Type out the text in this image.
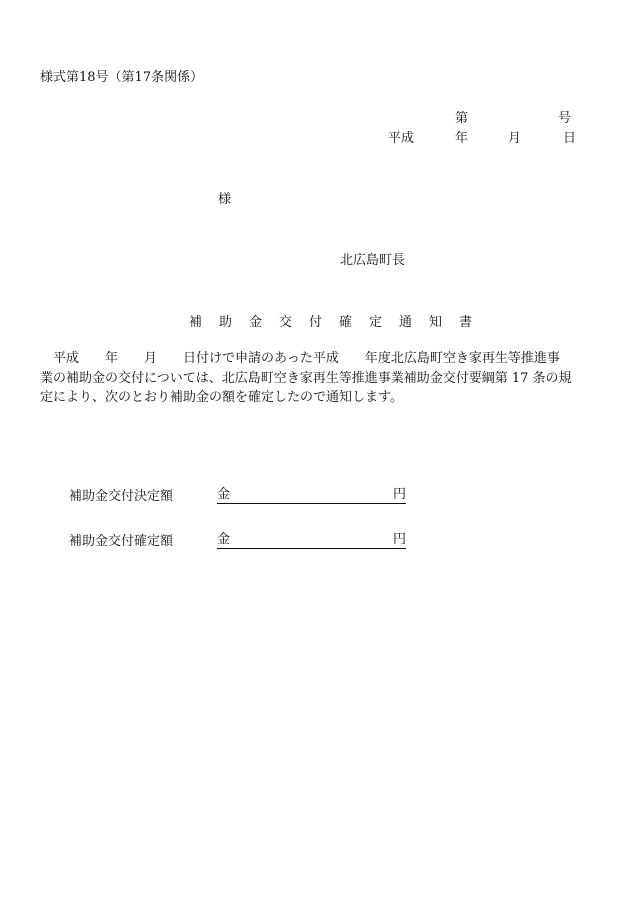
様式第18号（第17条関係）
第	号
平成	年	月	日
様
北広島町長
補助金交付確定通知書
　平成　　年　　月　　日付けで申請のあった平成　　年度北広島町空き家再生等推進事
業の補助金の交付については、北広島町空き家再生等推進事業補助金交付要綱第 17 条の規
定により、次のとおり補助金の額を確定したので通知します。
補助金交付決定額	金	円
補助金交付確定額	金	円
